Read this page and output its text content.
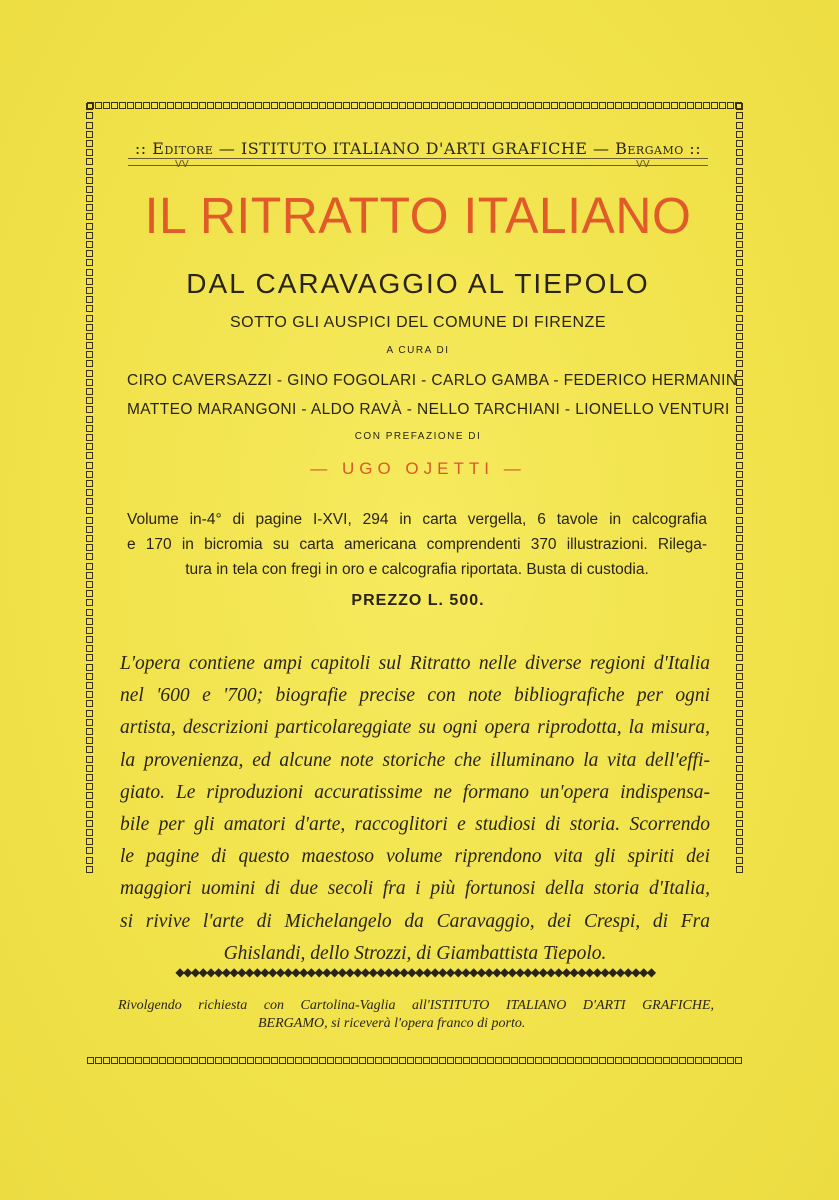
:: Editore — ISTITUTO ITALIANO D'ARTI GRAFICHE — Bergamo ::

VV	VV
IL RITRATTO ITALIANO

DAL CARAVAGGIO AL TIEPOLO

SOTTO GLI AUSPICI DEL COMUNE DI FIRENZE

A CURA DI

CIRO CAVERSAZZI - GINO FOGOLARI - CARLO GAMBA - FEDERICO HERMANIN

MATTEO MARANGONI - ALDO RAVÀ - NELLO TARCHIANI - LIONELLO VENTURI

CON PREFAZIONE DI

— UGO OJETTI —

Volume in-4° di pagine I-XVI, 294 in carta vergella, 6 tavole in calcografia
e 170 in bicromia su carta americana comprendenti 370 illustrazioni. Rilega-
tura in tela con fregi in oro e calcografia riportata. Busta di custodia.

PREZZO L. 500.

L'opera contiene ampi capitoli sul Ritratto nelle diverse regioni d'Italia
nel '600 e '700; biografie precise con note bibliografiche per ogni
artista, descrizioni particolareggiate su ogni opera riprodotta, la misura,
la provenienza, ed alcune note storiche che illuminano la vita dell'effi-
giato. Le riproduzioni accuratissime ne formano un'opera indispensa-
bile per gli amatori d'arte, raccoglitori e studiosi di storia. Scorrendo
le pagine di questo maestoso volume riprendono vita gli spiriti dei
maggiori uomini di due secoli fra i più fortunosi della storia d'Italia,
si rivive l'arte di Michelangelo da Caravaggio, dei Crespi, di Fra
Ghislandi, dello Strozzi, di Giambattista Tiepolo.

◆◆◆◆◆◆◆◆◆◆◆◆◆◆◆◆◆◆◆◆◆◆◆◆◆◆◆◆◆◆◆◆◆◆◆◆◆◆◆◆◆◆◆◆◆◆◆◆◆◆◆◆◆◆◆◆◆◆◆◆◆◆

Rivolgendo richiesta con Cartolina-Vaglia all'ISTITUTO ITALIANO D'ARTI GRAFICHE,
BERGAMO, si riceverà l'opera franco di porto.
